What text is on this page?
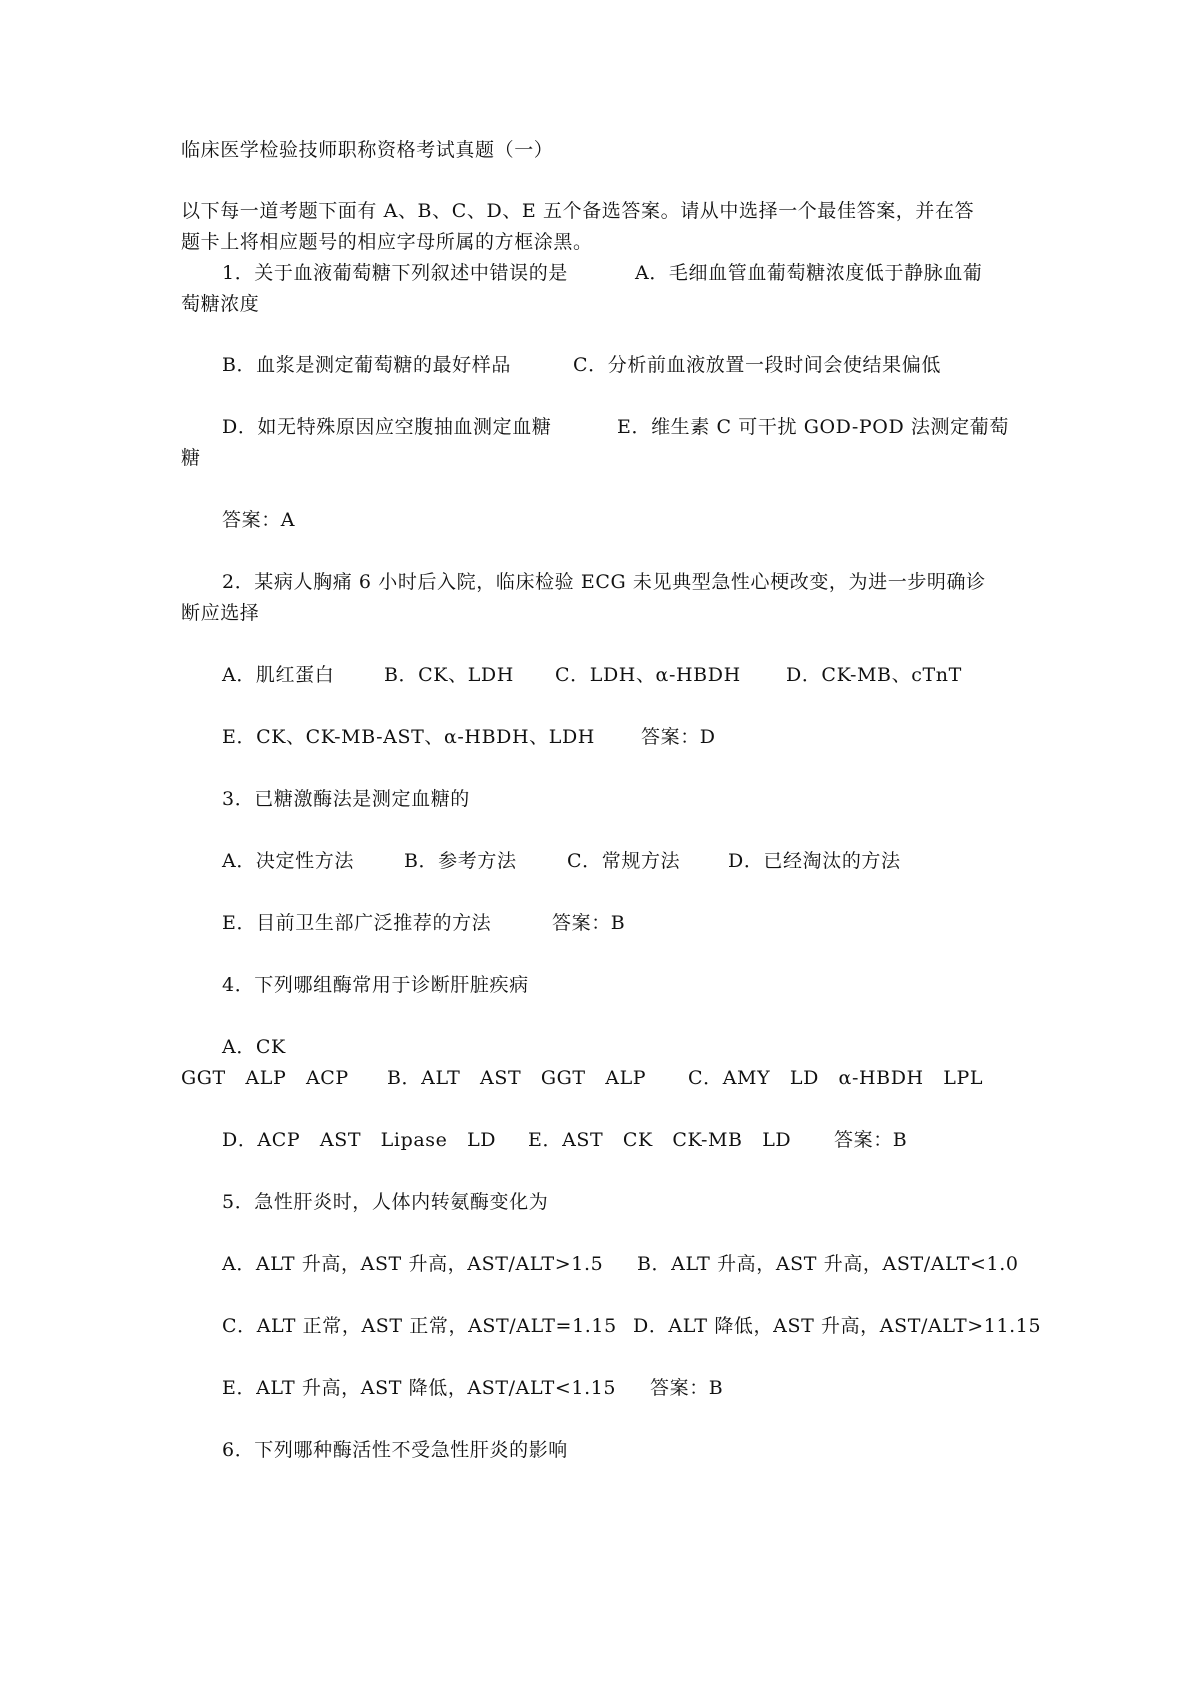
临床医学检验技师职称资格考试真题（一）
以下每一道考题下面有 A、B、C、D、E 五个备选答案。请从中选择一个最佳答案，并在答
题卡上将相应题号的相应字母所属的方框涂黑。
1．关于血液葡萄糖下列叙述中错误的是	A．毛细血管血葡萄糖浓度低于静脉血葡
萄糖浓度
B．血浆是测定葡萄糖的最好样品	C．分析前血液放置一段时间会使结果偏低
D．如无特殊原因应空腹抽血测定血糖	E．维生素 C 可干扰 GOD-POD 法测定葡萄
糖
答案：A
2．某病人胸痛 6 小时后入院，临床检验 ECG 未见典型急性心梗改变，为进一步明确诊
断应选择
A．肌红蛋白	B．CK、LDH C．LDH、α-HBDH D．CK-MB、cTnT
E．CK、CK-MB-AST、α-HBDH、LDH 答案：D
3．已糖激酶法是测定血糖的
A．决定性方法	B．参考方法	C．常规方法	D．已经淘汰的方法
E．目前卫生部广泛推荐的方法	答案：B
4．下列哪组酶常用于诊断肝脏疾病
A．CK
GGT　ALP　ACP B．ALT　AST　GGT　ALP C．AMY　LD　α-HBDH　LPL
D．ACP　AST　Lipase　LD E．AST　CK　CK-MB　LD 答案：B
5．急性肝炎时，人体内转氨酶变化为
A．ALT 升高，AST 升高，AST/ALT>1.5 B．ALT 升高，AST 升高，AST/ALT<1.0
C．ALT 正常，AST 正常，AST/ALT=1.15 D．ALT 降低，AST 升高，AST/ALT>11.15
E．ALT 升高，AST 降低，AST/ALT<1.15 答案：B
6．下列哪种酶活性不受急性肝炎的影响
